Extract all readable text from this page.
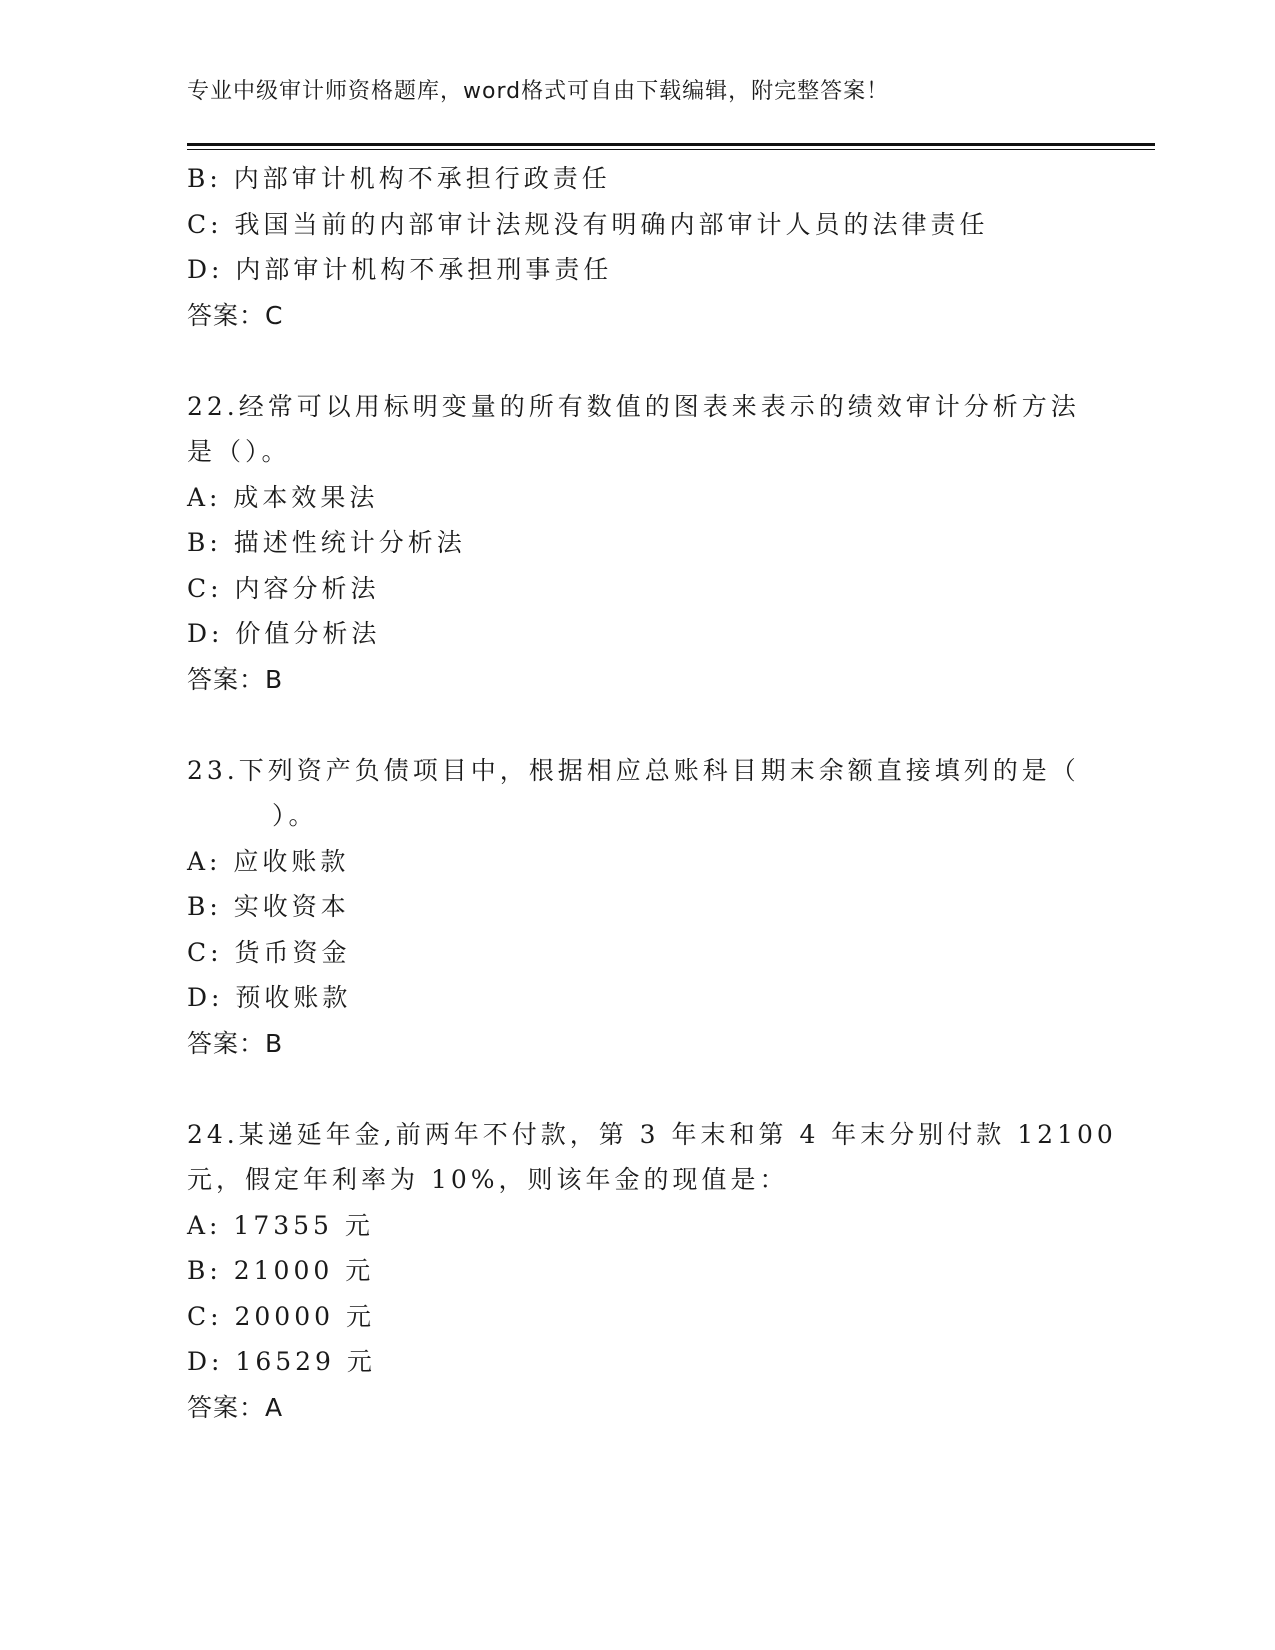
专业中级审计师资格题库，word格式可自由下载编辑，附完整答案！
B: 内部审计机构不承担行政责任
C: 我国当前的内部审计法规没有明确内部审计人员的法律责任
D: 内部审计机构不承担刑事责任
答案：C
22.经常可以用标明变量的所有数值的图表来表示的绩效审计分析方法
是（）。
A: 成本效果法
B: 描述性统计分析法
C: 内容分析法
D: 价值分析法
答案：B
23.下列资产负债项目中，根据相应总账科目期末余额直接填列的是（
）。
A: 应收账款
B: 实收资本
C: 货币资金
D: 预收账款
答案：B
24.某递延年金,前两年不付款，第 3 年末和第 4 年末分别付款 12100
元，假定年利率为 10%，则该年金的现值是：
A: 17355 元
B: 21000 元
C: 20000 元
D: 16529 元
答案：A
